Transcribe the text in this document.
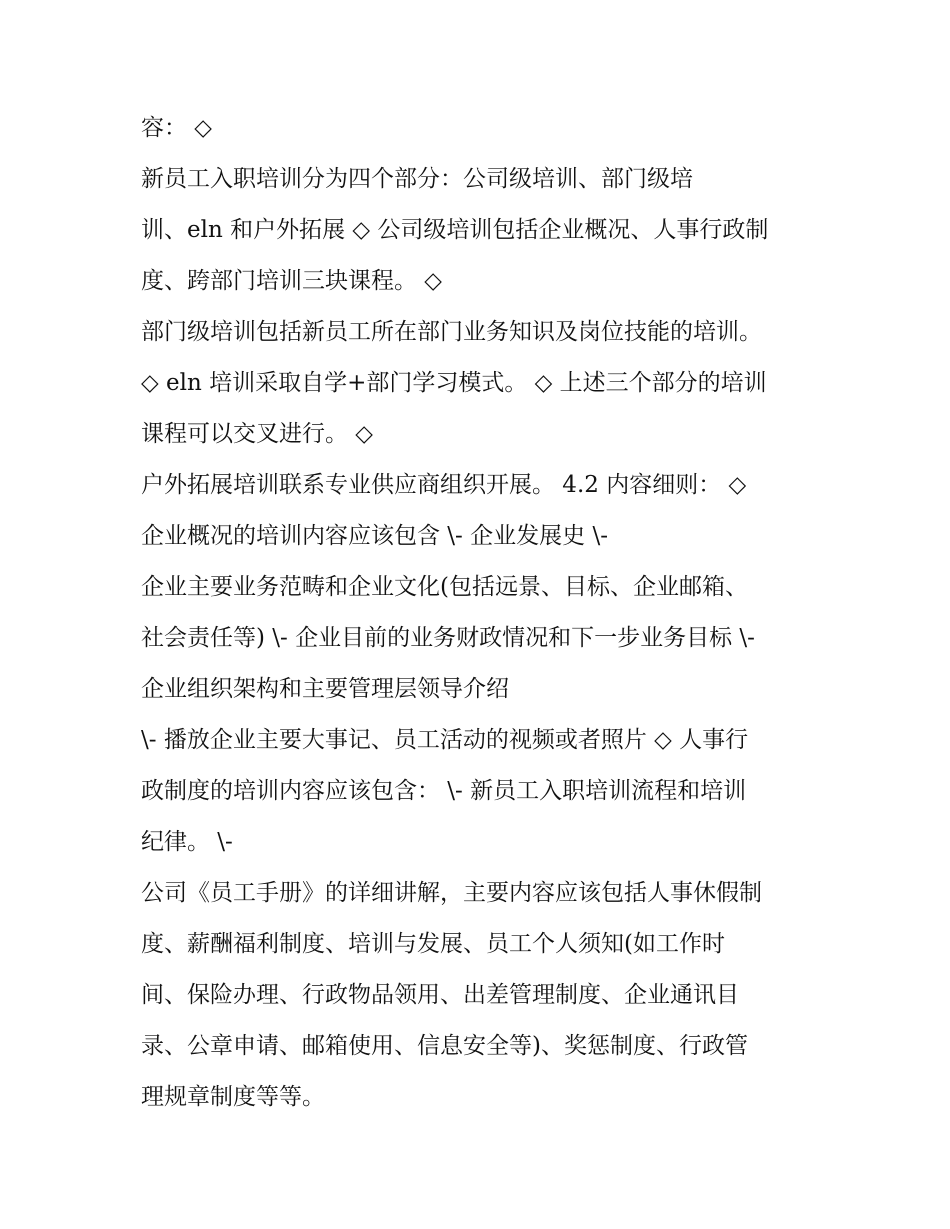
容： ◇
新员工入职培训分为四个部分：公司级培训、部门级培
训、eln 和户外拓展 ◇ 公司级培训包括企业概况、人事行政制
度、跨部门培训三块课程。 ◇
部门级培训包括新员工所在部门业务知识及岗位技能的培训。
◇ eln 培训采取自学+部门学习模式。 ◇ 上述三个部分的培训
课程可以交叉进行。 ◇
户外拓展培训联系专业供应商组织开展。 4.2 内容细则： ◇
企业概况的培训内容应该包含 \- 企业发展史 \-
企业主要业务范畴和企业文化(包括远景、目标、企业邮箱、
社会责任等) \- 企业目前的业务财政情况和下一步业务目标 \-
企业组织架构和主要管理层领导介绍
\- 播放企业主要大事记、员工活动的视频或者照片 ◇ 人事行
政制度的培训内容应该包含： \- 新员工入职培训流程和培训
纪律。 \-
公司《员工手册》的详细讲解，主要内容应该包括人事休假制
度、薪酬福利制度、培训与发展、员工个人须知(如工作时
间、保险办理、行政物品领用、出差管理制度、企业通讯目
录、公章申请、邮箱使用、信息安全等)、奖惩制度、行政管
理规章制度等等。
